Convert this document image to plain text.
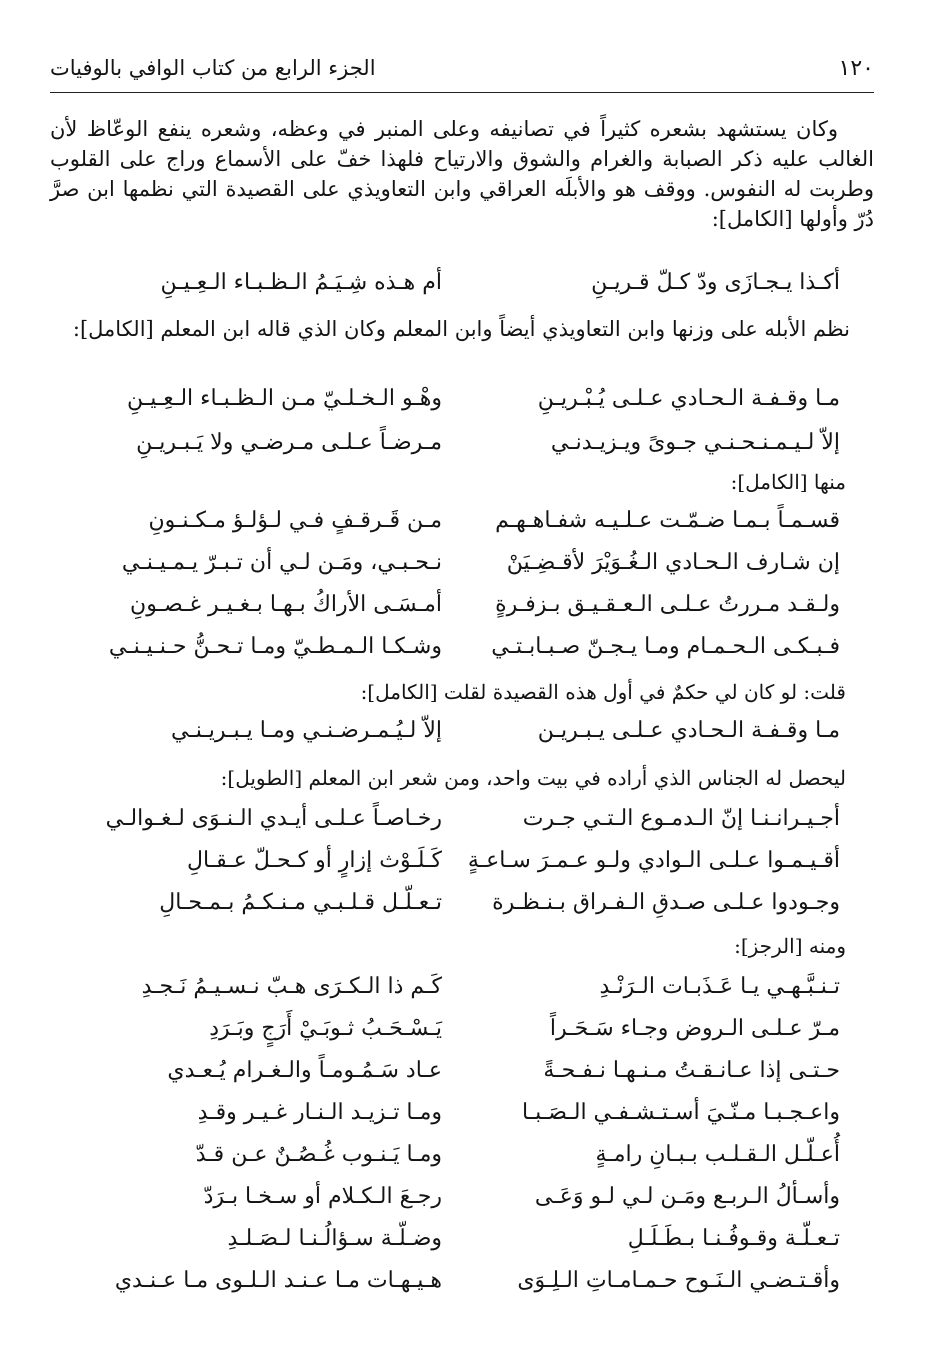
١٢٠
الجزء الرابع من كتاب الوافي بالوفيات

وكان يستشهد بشعره كثيراً في تصانيفه وعلى المنبر في وعظه، وشعره ينفع الوعّاظ لأن الغالب عليه ذكر الصبابة والغرام والشوق والارتياح فلهذا خفّ على الأسماع وراج على القلوب وطربت له النفوس. ووقف هو والأبلَه العراقي وابن التعاويذي على القصيدة التي نظمها ابن صرَّ دُرّ وأولها [الكامل]:

أكـذا يـجـازَى ودّ كـلّ قـريـنِ
أم هـذه شِـيَـمُ الـظـبـاء الـعِـيـنِ

نظم الأبله على وزنها وابن التعاويذي أيضاً وابن المعلم وكان الذي قاله ابن المعلم [الكامل]:

مـا وقـفـة الـحـادي عـلـى يُـبْـريـنِ
وهْـو الـخـلـيّ مـن الـظـبـاء الـعِـيـنِ
إلاّ لـيـمـنـحـنـي جـوىً ويـزيـدنـي
مـرضـاً عـلـى مـرضـي ولا يَـبـريـنِ
منها [الكامل]:
قسـمـاً بـمـا ضـمّـت عـلـيـه شفـاهـهـم
مـن قَـرقـفٍ فـي لـؤلـؤ مـكـنـونِ
إن شـارف الـحـادي الـغُـوَيْرَ لأقـضِـيَنْ
نـحـبـي، ومَـن لـي أن تـبـرّ يـمـيـنـي
ولـقـد مـررتُ عـلـى الـعـقـيـق بـزفـرةٍ
أمـسَـى الأراكُ بـهـا بـغـيـر غـصـونِ
فـبـكـى الـحـمـام ومـا يـجـنّ صـبـابـتـي
وشـكـا الـمـطـيّ ومـا تـحـنُّ حـنـيـنـي
قلت: لو كان لي حكمٌ في أول هذه القصيدة لقلت [الكامل]:
مـا وقـفـة الـحـادي عـلـى يـبـريـن
إلاّ لـيُـمـرضـنـي ومـا يـبـريـنـي
ليحصل له الجناس الذي أراده في بيت واحد، ومن شعر ابن المعلم [الطويل]:
أجـيـرانـنـا إنّ الـدمـوع الـتـي جـرت
رخـاصـاً عـلـى أيـدي الـنـوَى لـغـوالـي
أقـيـمـوا عـلـى الـوادي ولـو عـمـرَ سـاعـةٍ
كَـلَـوْث إزارٍ أو كـحـلّ عـقـالِ
وجـودوا عـلـى صـدقِ الـفـراق بـنـظـرة
تـعـلّـل قـلـبـي مـنـكـمُ بـمـحـالِ
ومنه [الرجز]:
تـنـبَّـهـي يـا عَـذَبـات الـرَنْـدِ
كَـم ذا الـكـرَى هـبّ نـسـيـمُ نَـجـدِ
مـرّ عـلـى الـروض وجـاء سَـحَـراً
يَـسْـحَـبُ ثـوبَـيْ أَرَجٍ وبَـرَدِ
حـتـى إذا عـانـقـتُ مـنـهـا نـفـحـةً
عـاد سَـمُـومـاً والـغـرام يُـعـدي
واعـجـبـا مـنّـيَ أسـتـشـفـي الـصَـبـا
ومـا تـزيـد الـنـار غـيـر وقـدِ
أُعـلّـل الـقـلـب بـبـانِ رامـةٍ
ومـا يَـنـوب غُـصُـنٌ عـن قـدّ
وأسـألُ الـربـع ومَـن لـي لـو وَعَـى
رجـعَ الـكـلام أو سـخـا بـرَدّ
تـعـلّـة وقـوفُـنـا بـطَـلَـلِ
وضـلّـة سـؤالُـنـا لـصَـلـدِ
وأقـتـضـي الـنَـوح حـمـامـاتِ الـلِـوَى
هـيـهـات مـا عـنـد الـلـوى مـا عـنـدي
